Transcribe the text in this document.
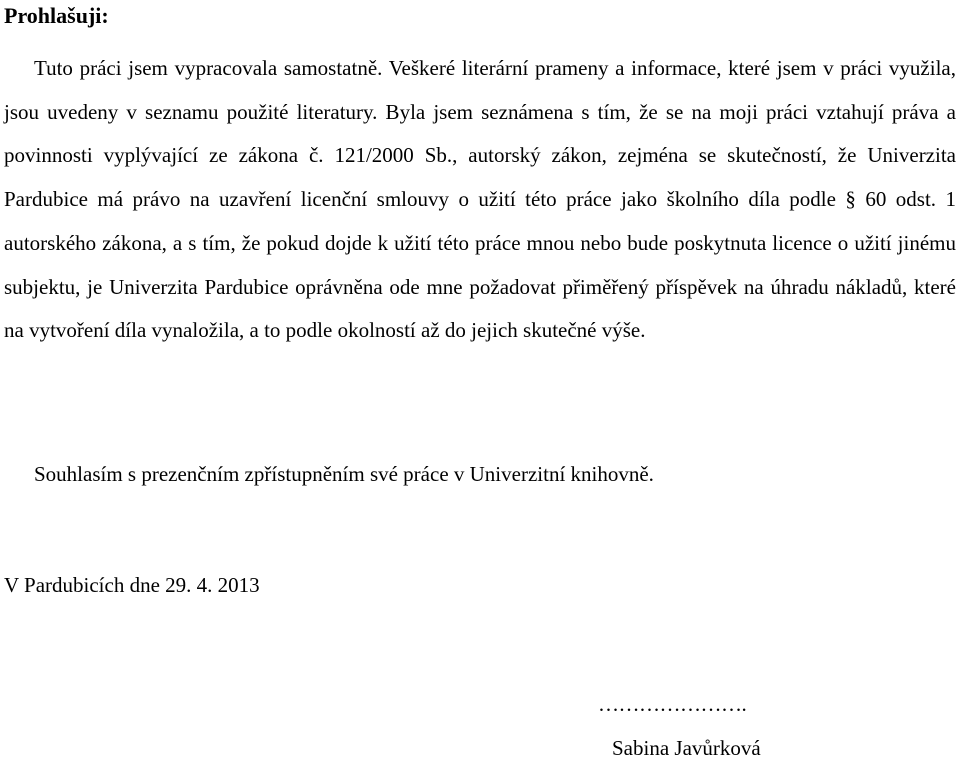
Prohlašuji:

Tuto práci jsem vypracovala samostatně. Veškeré literární prameny a informace, které jsem v práci využila, jsou uvedeny v seznamu použité literatury. Byla jsem seznámena s tím, že se na moji práci vztahují práva a povinnosti vyplývající ze zákona č. 121/2000 Sb., autorský zákon, zejména se skutečností, že Univerzita Pardubice má právo na uzavření licenční smlouvy o užití této práce jako školního díla podle § 60 odst. 1 autorského zákona, a s tím, že pokud dojde k užití této práce mnou nebo bude poskytnuta licence o užití jinému subjektu, je Univerzita Pardubice oprávněna ode mne požadovat přiměřený příspěvek na úhradu nákladů, které na vytvoření díla vynaložila, a to podle okolností až do jejich skutečné výše.

Souhlasím s prezenčním zpřístupněním své práce v Univerzitní knihovně.

V Pardubicích dne 29. 4. 2013

………………….

Sabina Javůrková
